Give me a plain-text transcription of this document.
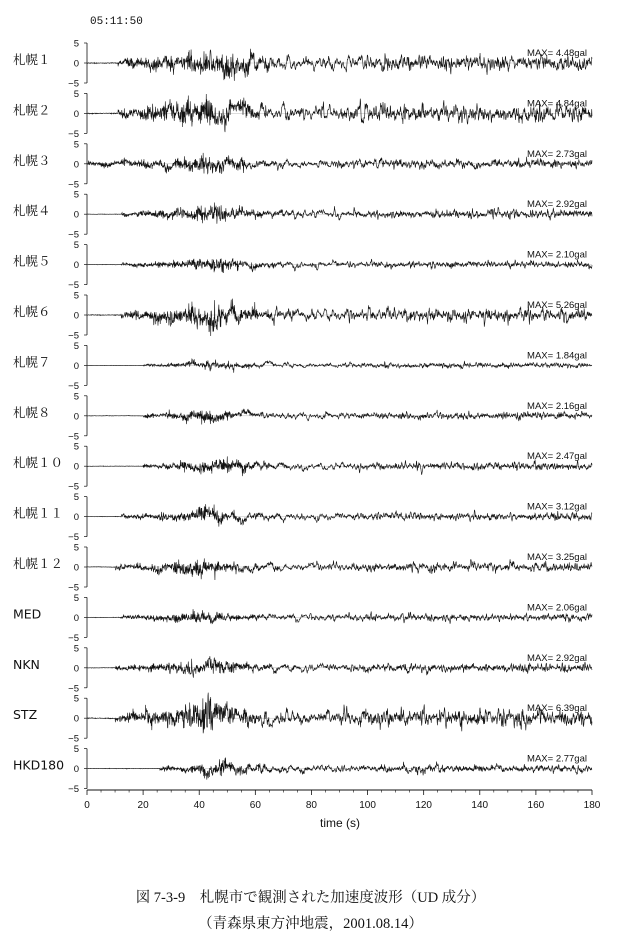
05:11:50
5
0
−5
札幌１	MAX= 4.48gal
5
0
−5
札幌２	MAX= 4.84gal
5
0
−5
札幌３	MAX= 2.73gal
5
0
−5
札幌４	MAX= 2.92gal
5
0
−5
札幌５	MAX= 2.10gal
5
0
−5
札幌６	MAX= 5.26gal
5
0
−5
札幌７	MAX= 1.84gal
5
0
−5
札幌８	MAX= 2.16gal
5
0
−5
札幌１０	MAX= 2.47gal
5
0
−5
札幌１１	MAX= 3.12gal
5
0
−5
札幌１２	MAX= 3.25gal
5
0
−5
MED	MAX= 2.06gal
5
0
−5
NKN	MAX= 2.92gal
5
0
−5
STZ	MAX= 6.39gal
5
0
−5
HKD180	MAX= 2.77gal
0	20	40	60	80	100	120	140	160	180
time (s)
図 7-3-9　札幌市で観測された加速度波形（UD 成分）
（青森県東方沖地震，2001.08.14）
